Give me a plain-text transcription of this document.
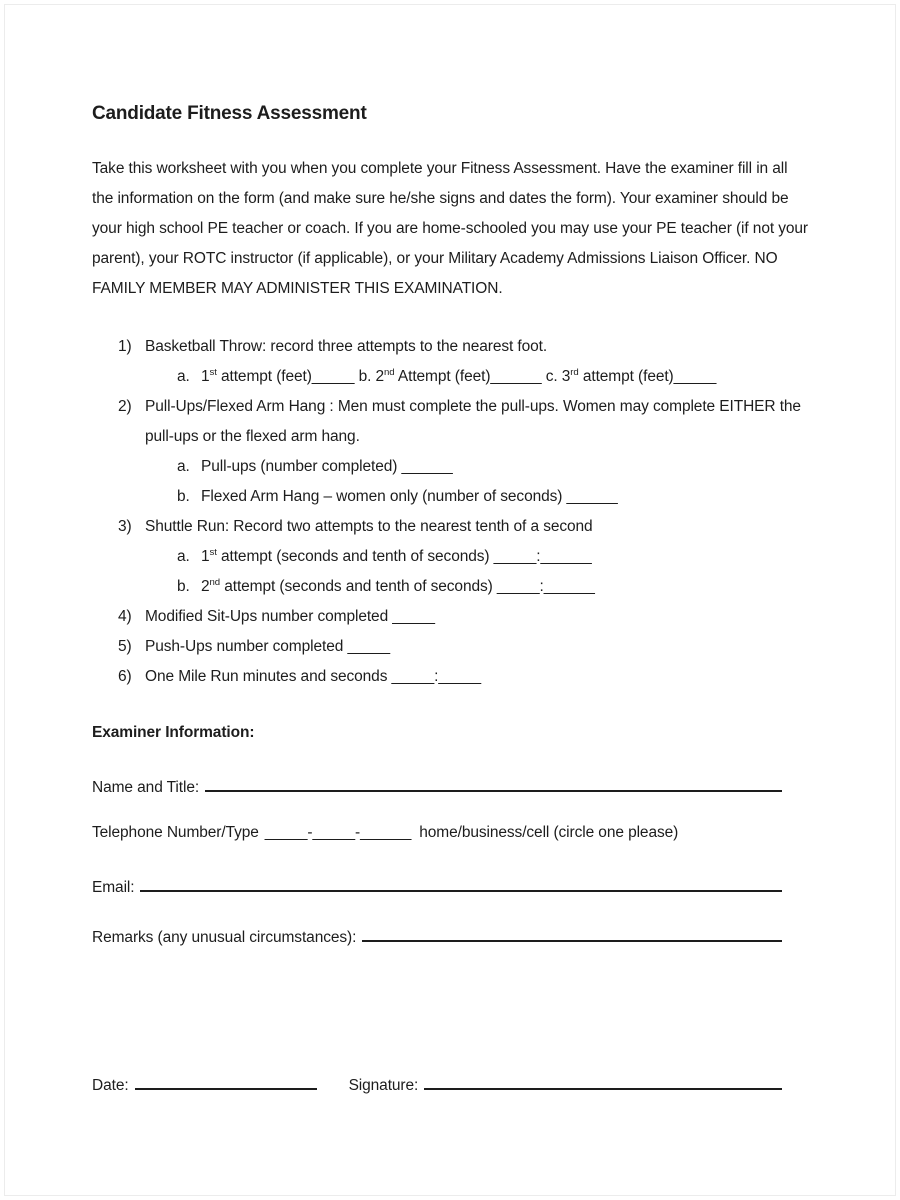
Candidate Fitness Assessment
Take this worksheet with you when you complete your Fitness Assessment. Have the examiner fill in all
the information on the form (and make sure he/she signs and dates the form). Your examiner should be
your high school PE teacher or coach. If you are home-schooled you may use your PE teacher (if not your
parent), your ROTC instructor (if applicable), or your Military Academy Admissions Liaison Officer. NO
FAMILY MEMBER MAY ADMINISTER THIS EXAMINATION.
1) Basketball Throw: record three attempts to the nearest foot.
a. 1st attempt (feet)_____ b. 2nd Attempt (feet)______ c. 3rd attempt (feet)_____
2) Pull-Ups/Flexed Arm Hang : Men must complete the pull-ups. Women may complete EITHER the
pull-ups or the flexed arm hang.
a. Pull-ups (number completed) ______
b. Flexed Arm Hang – women only (number of seconds) ______
3) Shuttle Run: Record two attempts to the nearest tenth of a second
a. 1st attempt (seconds and tenth of seconds) _____:______
b. 2nd attempt (seconds and tenth of seconds) _____:______
4) Modified Sit-Ups number completed _____
5) Push-Ups number completed _____
6) One Mile Run minutes and seconds _____:_____
Examiner Information:
Name and Title:
Telephone Number/Type _____-_____-______ home/business/cell (circle one please)
Email:
Remarks (any unusual circumstances):
Date:	Signature:
